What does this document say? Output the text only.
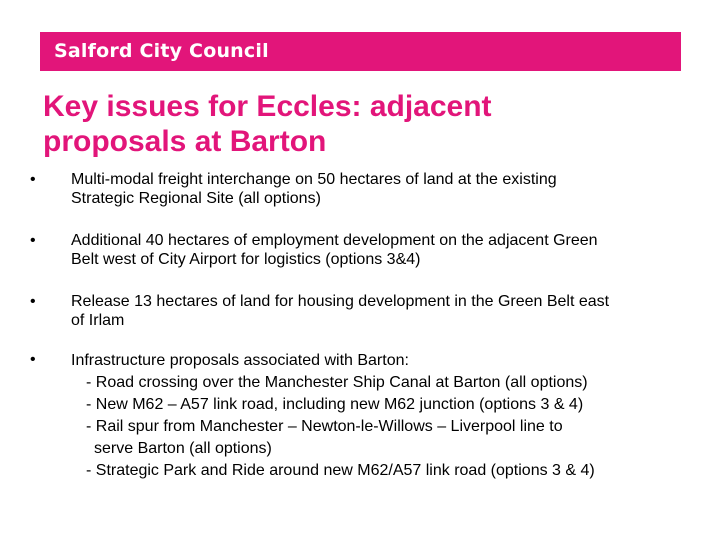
Salford City Council
Key issues for Eccles: adjacent
proposals at Barton
• Multi-modal freight interchange on 50 hectares of land at the existing
Strategic Regional Site (all options)
• Additional 40 hectares of employment development on the adjacent Green
Belt west of City Airport for logistics (options 3&4)
• Release 13 hectares of land for housing development in the Green Belt east
of Irlam
• Infrastructure proposals associated with Barton:
- Road crossing over the Manchester Ship Canal at Barton (all options)
- New M62 – A57 link road, including new M62 junction (options 3 & 4)
- Rail spur from Manchester – Newton-le-Willows – Liverpool line to
serve Barton (all options)
- Strategic Park and Ride around new M62/A57 link road (options 3 & 4)
